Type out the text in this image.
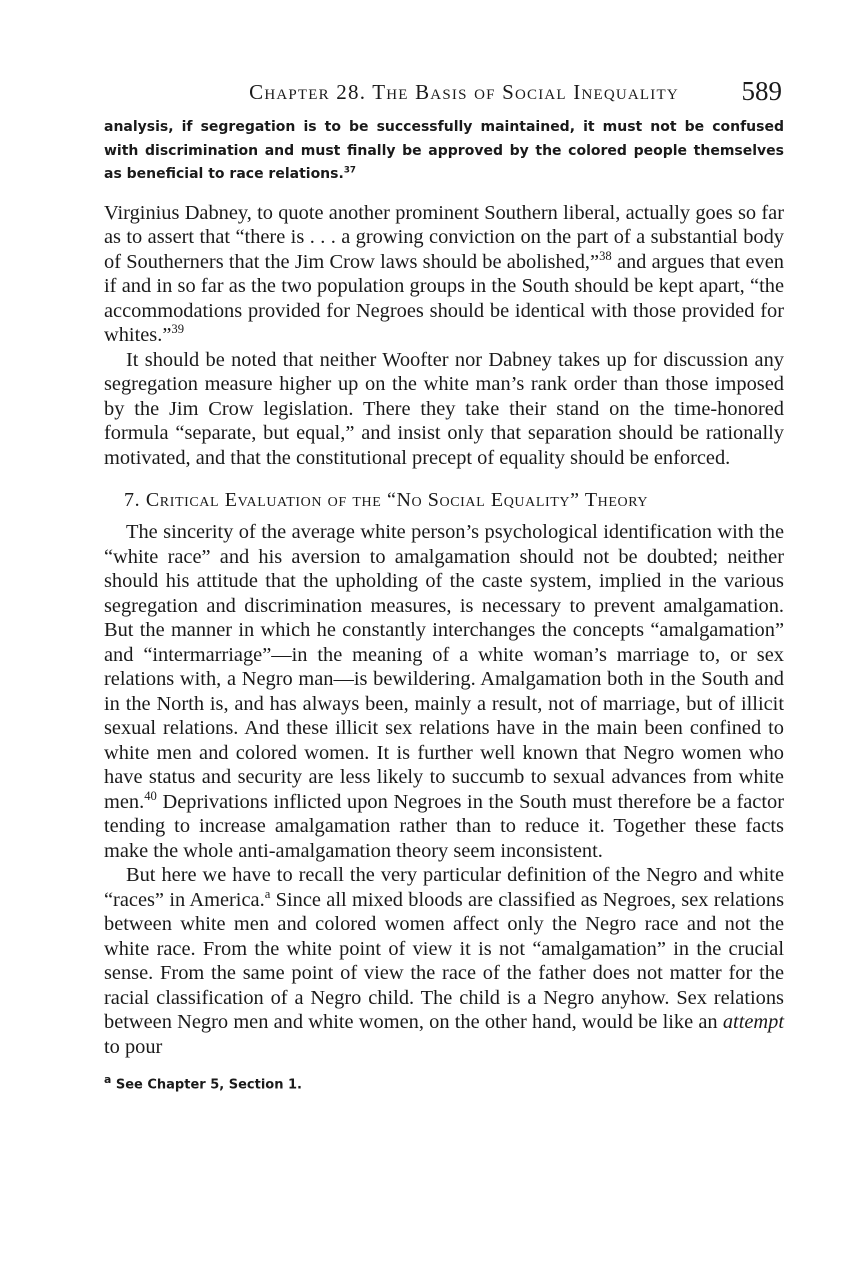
Chapter 28. The Basis of Social Inequality 589

analysis, if segregation is to be successfully maintained, it must not be confused with discrimination and must finally be approved by the colored people themselves as beneficial to race relations.$^{37}$

Virginius Dabney, to quote another prominent Southern liberal, actually goes so far as to assert that “there is . . . a growing conviction on the part of a substantial body of Southerners that the Jim Crow laws should be abolished,”$^{38}$ and argues that even if and in so far as the two population groups in the South should be kept apart, “the accommodations provided for Negroes should be identical with those provided for whites.”$^{39}$

It should be noted that neither Woofter nor Dabney takes up for discussion any segregation measure higher up on the white man’s rank order than those imposed by the Jim Crow legislation. There they take their stand on the time-honored formula “separate, but equal,” and insist only that separation should be rationally motivated, and that the constitutional precept of equality should be enforced.

7. Critical Evaluation of the “No Social Equality” Theory

The sincerity of the average white person’s psychological identification with the “white race” and his aversion to amalgamation should not be doubted; neither should his attitude that the upholding of the caste system, implied in the various segregation and discrimination measures, is necessary to prevent amalgamation. But the manner in which he constantly interchanges the concepts “amalgamation” and “intermarriage”—in the meaning of a white woman’s marriage to, or sex relations with, a Negro man—is bewildering. Amalgamation both in the South and in the North is, and has always been, mainly a result, not of marriage, but of illicit sexual relations. And these illicit sex relations have in the main been confined to white men and colored women. It is further well known that Negro women who have status and security are less likely to succumb to sexual advances from white men.$^{40}$ Deprivations inflicted upon Negroes in the South must therefore be a factor tending to increase amalgamation rather than to reduce it. Together these facts make the whole anti-amalgamation theory seem inconsistent.

But here we have to recall the very particular definition of the Negro and white “races” in America.$^a$ Since all mixed bloods are classified as Negroes, sex relations between white men and colored women affect only the Negro race and not the white race. From the white point of view it is not “amalgamation” in the crucial sense. From the same point of view the race of the father does not matter for the racial classification of a Negro child. The child is a Negro anyhow. Sex relations between Negro men and white women, on the other hand, would be like an attempt to pour

$^a$ See Chapter 5, Section 1.
